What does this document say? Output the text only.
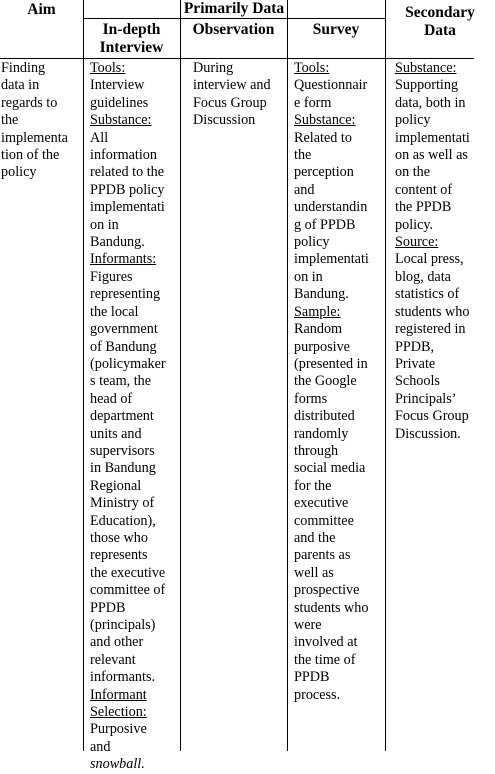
Aim	Primarily Data
In-depth
Interview
Observation	Survey
Secondary
Data
Finding
data in
regards to
the
implementa
tion of the
policy
Tools:
Interview
guidelines
Substance:
All
information
related to the
PPDB policy
implementati
on in
Bandung.
Informants:
Figures
representing
the local
government
of Bandung
(policymaker
s team, the
head of
department
units and
supervisors
in Bandung
Regional
Ministry of
Education),
those who
represents
the executive
committee of
PPDB
(principals)
and other
relevant
informants.
Informant
Selection:
Purposive
and
snowball.
During
interview and
Focus Group
Discussion
Tools:
Questionnair
e form
Substance:
Related to
the
perception
and
understandin
g of PPDB
policy
implementati
on in
Bandung.
Sample:
Random
purposive
(presented in
the Google
forms
distributed
randomly
through
social media
for the
executive
committee
and the
parents as
well as
prospective
students who
were
involved at
the time of
PPDB
process.
Substance:
Supporting
data, both in
policy
implementati
on as well as
on the
content of
the PPDB
policy.
Source:
Local press,
blog, data
statistics of
students who
registered in
PPDB,
Private
Schools
Principals’
Focus Group
Discussion.
